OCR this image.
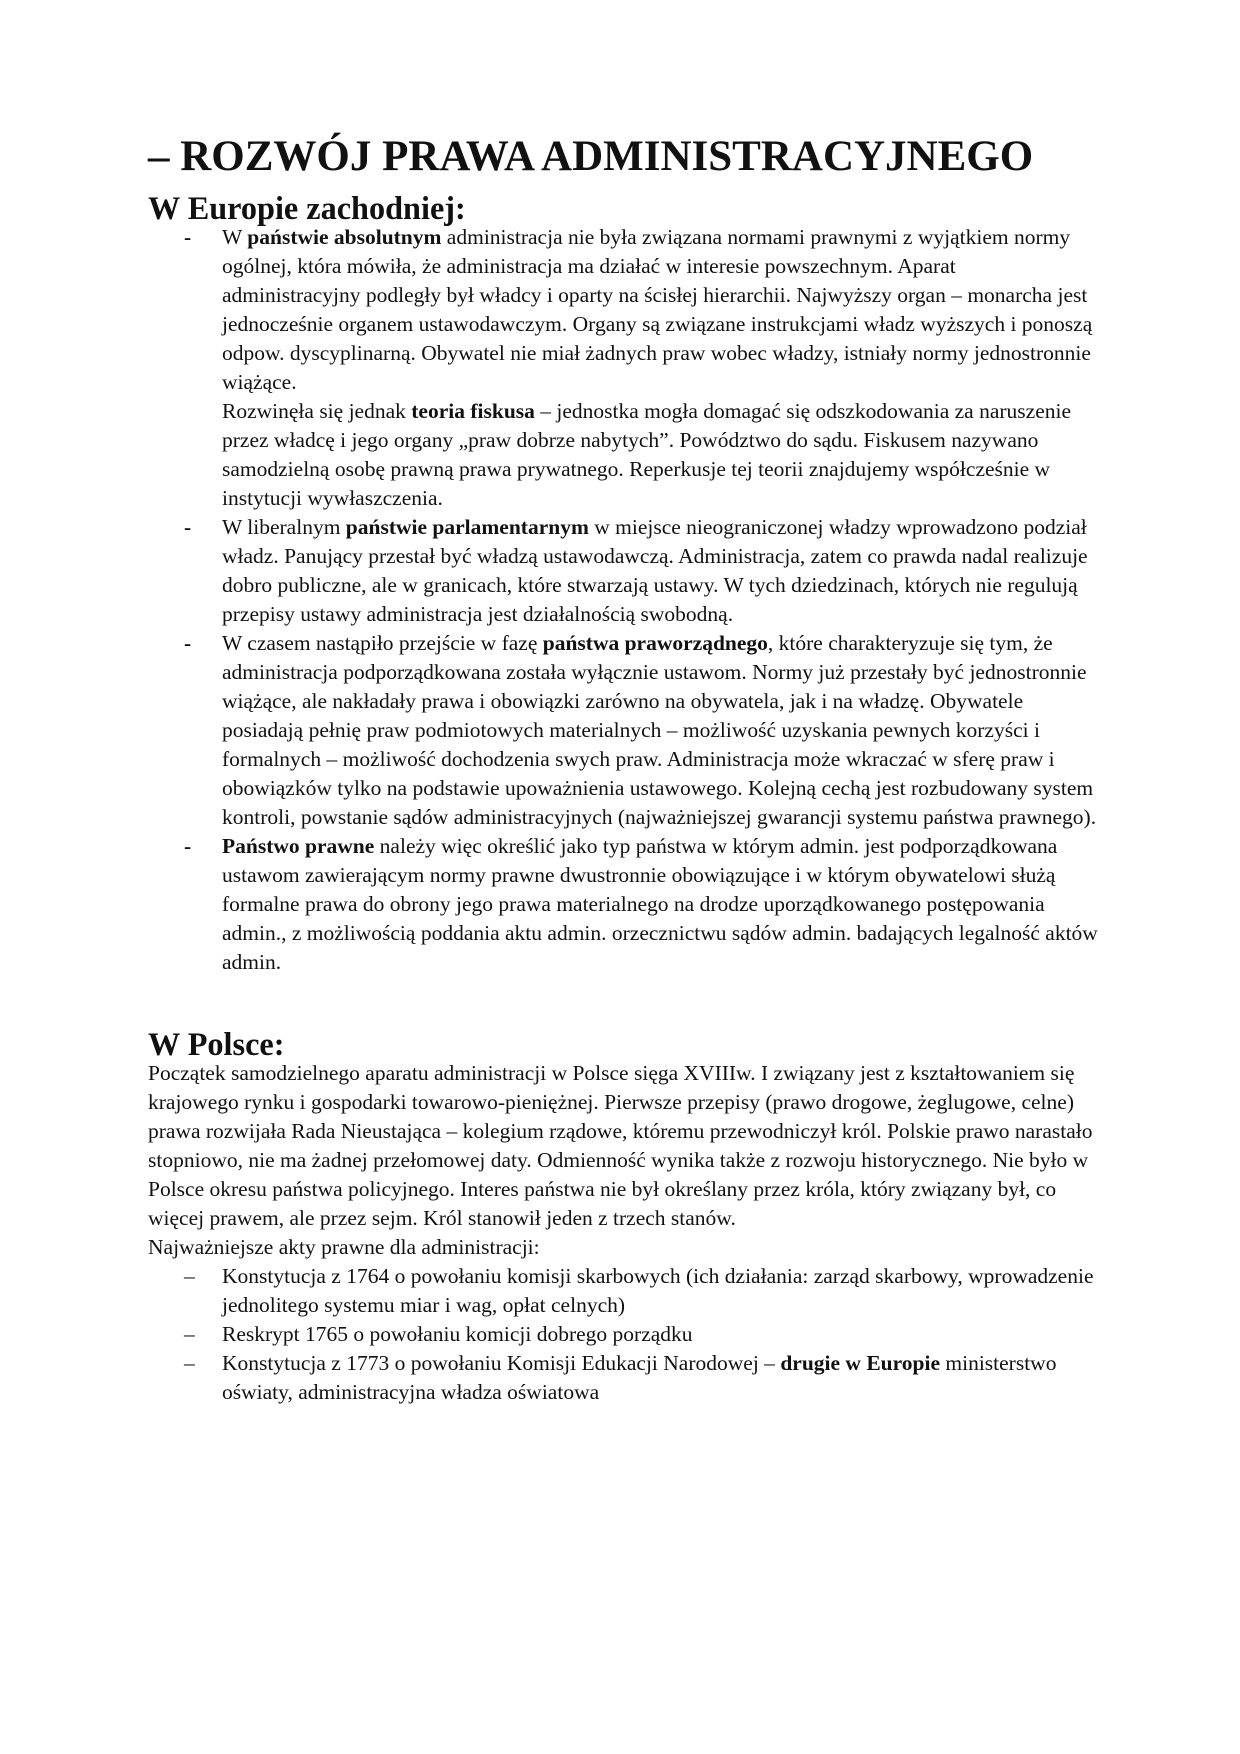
– ROZWÓJ PRAWA ADMINISTRACYJNEGO
W Europie zachodniej:
- W państwie absolutnym administracja nie była związana normami prawnymi z wyjątkiem normy ogólnej, która mówiła, że administracja ma działać w interesie powszechnym. Aparat administracyjny podległy był władcy i oparty na ścisłej hierarchii. Najwyższy organ – monarcha jest jednocześnie organem ustawodawczym. Organy są związane instrukcjami władz wyższych i ponoszą odpow. dyscyplinarną. Obywatel nie miał żadnych praw wobec władzy, istniały normy jednostronnie wiążące.
Rozwinęła się jednak teoria fiskusa – jednostka mogła domagać się odszkodowania za naruszenie przez władcę i jego organy „praw dobrze nabytych”. Powództwo do sądu. Fiskusem nazywano samodzielną osobę prawną prawa prywatnego. Reperkusje tej teorii znajdujemy współcześnie w instytucji wywłaszczenia.
- W liberalnym państwie parlamentarnym w miejsce nieograniczonej władzy wprowadzono podział władz. Panujący przestał być władzą ustawodawczą. Administracja, zatem co prawda nadal realizuje dobro publiczne, ale w granicach, które stwarzają ustawy. W tych dziedzinach, których nie regulują przepisy ustawy administracja jest działalnością swobodną.
- W czasem nastąpiło przejście w fazę państwa praworządnego, które charakteryzuje się tym, że administracja podporządkowana została wyłącznie ustawom. Normy już przestały być jednostronnie wiążące, ale nakładały prawa i obowiązki zarówno na obywatela, jak i na władzę. Obywatele posiadają pełnię praw podmiotowych materialnych – możliwość uzyskania pewnych korzyści i formalnych – możliwość dochodzenia swych praw. Administracja może wkraczać w sferę praw i obowiązków tylko na podstawie upoważnienia ustawowego. Kolejną cechą jest rozbudowany system kontroli, powstanie sądów administracyjnych (najważniejszej gwarancji systemu państwa prawnego).
- Państwo prawne należy więc określić jako typ państwa w którym admin. jest podporządkowana ustawom zawierającym normy prawne dwustronnie obowiązujące i w którym obywatelowi służą formalne prawa do obrony jego prawa materialnego na drodze uporządkowanego postępowania admin., z możliwością poddania aktu admin. orzecznictwu sądów admin. badających legalność aktów admin.
W Polsce:

Początek samodzielnego aparatu administracji w Polsce sięga XVIIIw. I związany jest z kształtowaniem się krajowego rynku i gospodarki towarowo-pieniężnej. Pierwsze przepisy (prawo drogowe, żeglugowe, celne) prawa rozwijała Rada Nieustająca – kolegium rządowe, któremu przewodniczył król. Polskie prawo narastało stopniowo, nie ma żadnej przełomowej daty. Odmienność wynika także z rozwoju historycznego. Nie było w Polsce okresu państwa policyjnego. Interes państwa nie był określany przez króla, który związany był, co więcej prawem, ale przez sejm. Król stanowił jeden z trzech stanów.

Najważniejsze akty prawne dla administracji:

– Konstytucja z 1764 o powołaniu komisji skarbowych (ich działania: zarząd skarbowy, wprowadzenie jednolitego systemu miar i wag, opłat celnych)
– Reskrypt 1765 o powołaniu komicji dobrego porządku
– Konstytucja z 1773 o powołaniu Komisji Edukacji Narodowej – drugie w Europie ministerstwo oświaty, administracyjna władza oświatowa
